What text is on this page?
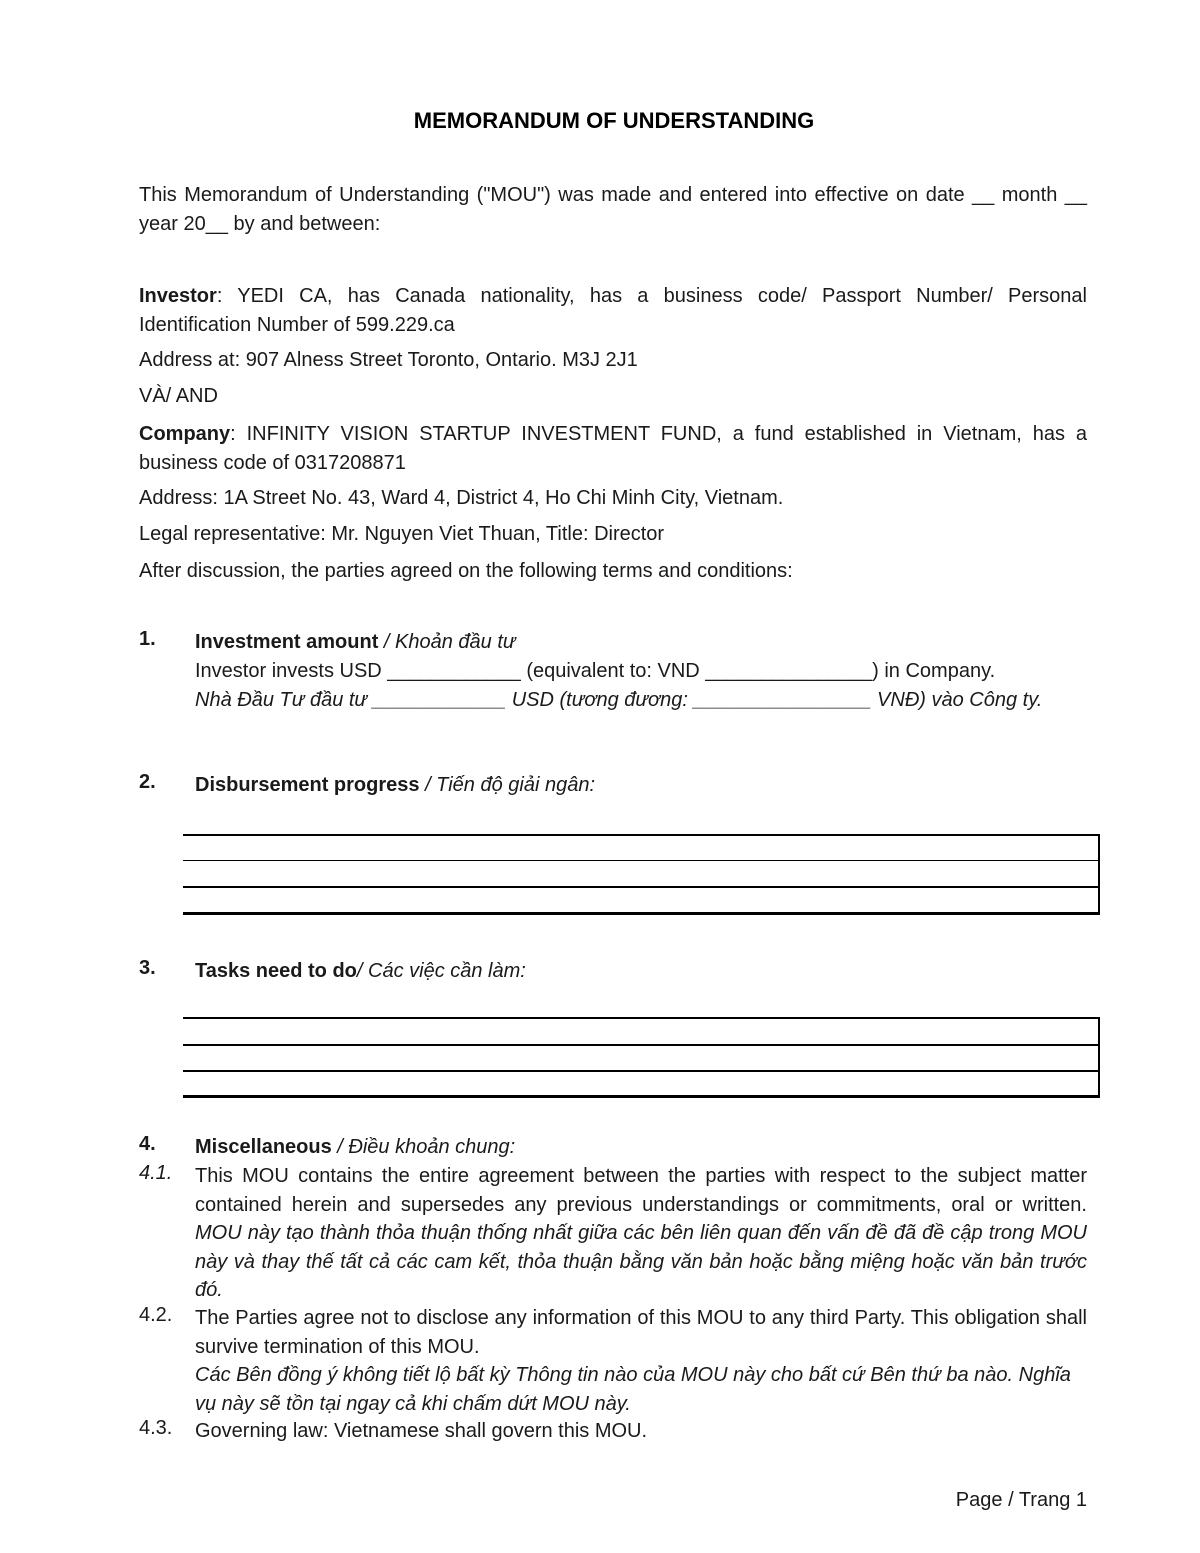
MEMORANDUM OF UNDERSTANDING
This Memorandum of Understanding ("MOU") was made and entered into effective on date __ month __ year 20__ by and between:
Investor: YEDI CA, has Canada nationality, has a business code/ Passport Number/ Personal Identification Number of 599.229.ca
Address at: 907 Alness Street Toronto, Ontario. M3J 2J1
VÀ/ AND
Company: INFINITY VISION STARTUP INVESTMENT FUND, a fund established in Vietnam, has a business code of 0317208871
Address: 1A Street No. 43, Ward 4, District 4, Ho Chi Minh City, Vietnam.
Legal representative: Mr. Nguyen Viet Thuan, Title: Director
After discussion, the parties agreed on the following terms and conditions:
1. Investment amount / Khoản đầu tư
Investor invests USD ____________ (equivalent to: VND _______________) in Company.
Nhà Đầu Tư đầu tư ____________ USD (tương đương: ________________ VNĐ) vào Công ty.
2. Disbursement progress / Tiến độ giải ngân:
3. Tasks need to do/ Các việc cần làm:
4. Miscellaneous / Điều khoản chung:
4.1. This MOU contains the entire agreement between the parties with respect to the subject matter contained herein and supersedes any previous understandings or commitments, oral or written. MOU này tạo thành thỏa thuận thống nhất giữa các bên liên quan đến vấn đề đã đề cập trong MOU này và thay thế tất cả các cam kết, thỏa thuận bằng văn bản hoặc bằng miệng hoặc văn bản trước đó.
4.2. The Parties agree not to disclose any information of this MOU to any third Party. This obligation shall survive termination of this MOU.
Các Bên đồng ý không tiết lộ bất kỳ Thông tin nào của MOU này cho bất cứ Bên thứ ba nào. Nghĩa vụ này sẽ tồn tại ngay cả khi chấm dứt MOU này.
4.3. Governing law: Vietnamese shall govern this MOU.
Page / Trang 1
